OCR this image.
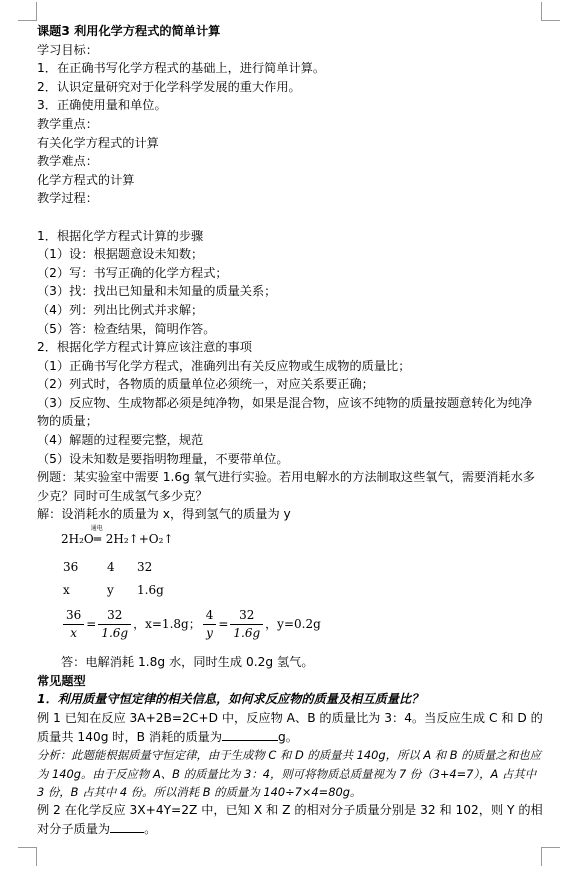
课题3 利用化学方程式的简单计算
学习目标：
1．在正确书写化学方程式的基础上，进行简单计算。
2．认识定量研究对于化学科学发展的重大作用。
3．正确使用量和单位。
教学重点：
有关化学方程式的计算
教学难点：
化学方程式的计算
教学过程：
1．根据化学方程式计算的步骤
（1）设：根据题意设未知数；
（2）写：书写正确的化学方程式；
（3）找：找出已知量和未知量的质量关系；
（4）列：列出比例式并求解；
（5）答：检查结果，简明作答。
2．根据化学方程式计算应该注意的事项
（1）正确书写化学方程式，准确列出有关反应物或生成物的质量比；
（2）列式时，各物质的质量单位必须统一，对应关系要正确；
（3）反应物、生成物都必须是纯净物，如果是混合物，应该不纯物的质量按题意转化为纯净物的质量；
（4）解题的过程要完整，规范
（5）设未知数是要指明物理量，不要带单位。
例题：某实验室中需要 1.6g 氧气进行实验。若用电解水的方法制取这些氧气，需要消耗水多少克？同时可生成氢气多少克？
解：设消耗水的质量为 x，得到氢气的质量为 y
2H₂O
通电
═ 2H₂↑+O₂↑
36	4	32
x	y	1.6g
$\frac{36}{x} = \frac{32}{1.6g}$ ，x=1.8g； $\frac{4}{y} = \frac{32}{1.6g}$ ，y=0.2g
答：电解消耗 1.8g 水，同时生成 0.2g 氢气。
常见题型
1．利用质量守恒定律的相关信息，如何求反应物的质量及相互质量比？
例 1 已知在反应 3A+2B=2C+D 中，反应物 A、B 的质量比为 3：4。当反应生成 C 和 D 的质量共 140g 时，B 消耗的质量为	g。
分析：此题能根据质量守恒定律，由于生成物 C 和 D 的质量共 140g，所以 A 和 B 的质量之和也应为 140g。由于反应物 A、B 的质量比为 3：4，则可将物质总质量视为 7 份（3+4=7），A 占其中 3 份，B 占其中 4 份。所以消耗 B 的质量为 140÷7×4=80g。
例 2 在化学反应 3X+4Y=2Z 中，已知 X 和 Z 的相对分子质量分别是 32 和 102，则 Y 的相对分子质量为	。
